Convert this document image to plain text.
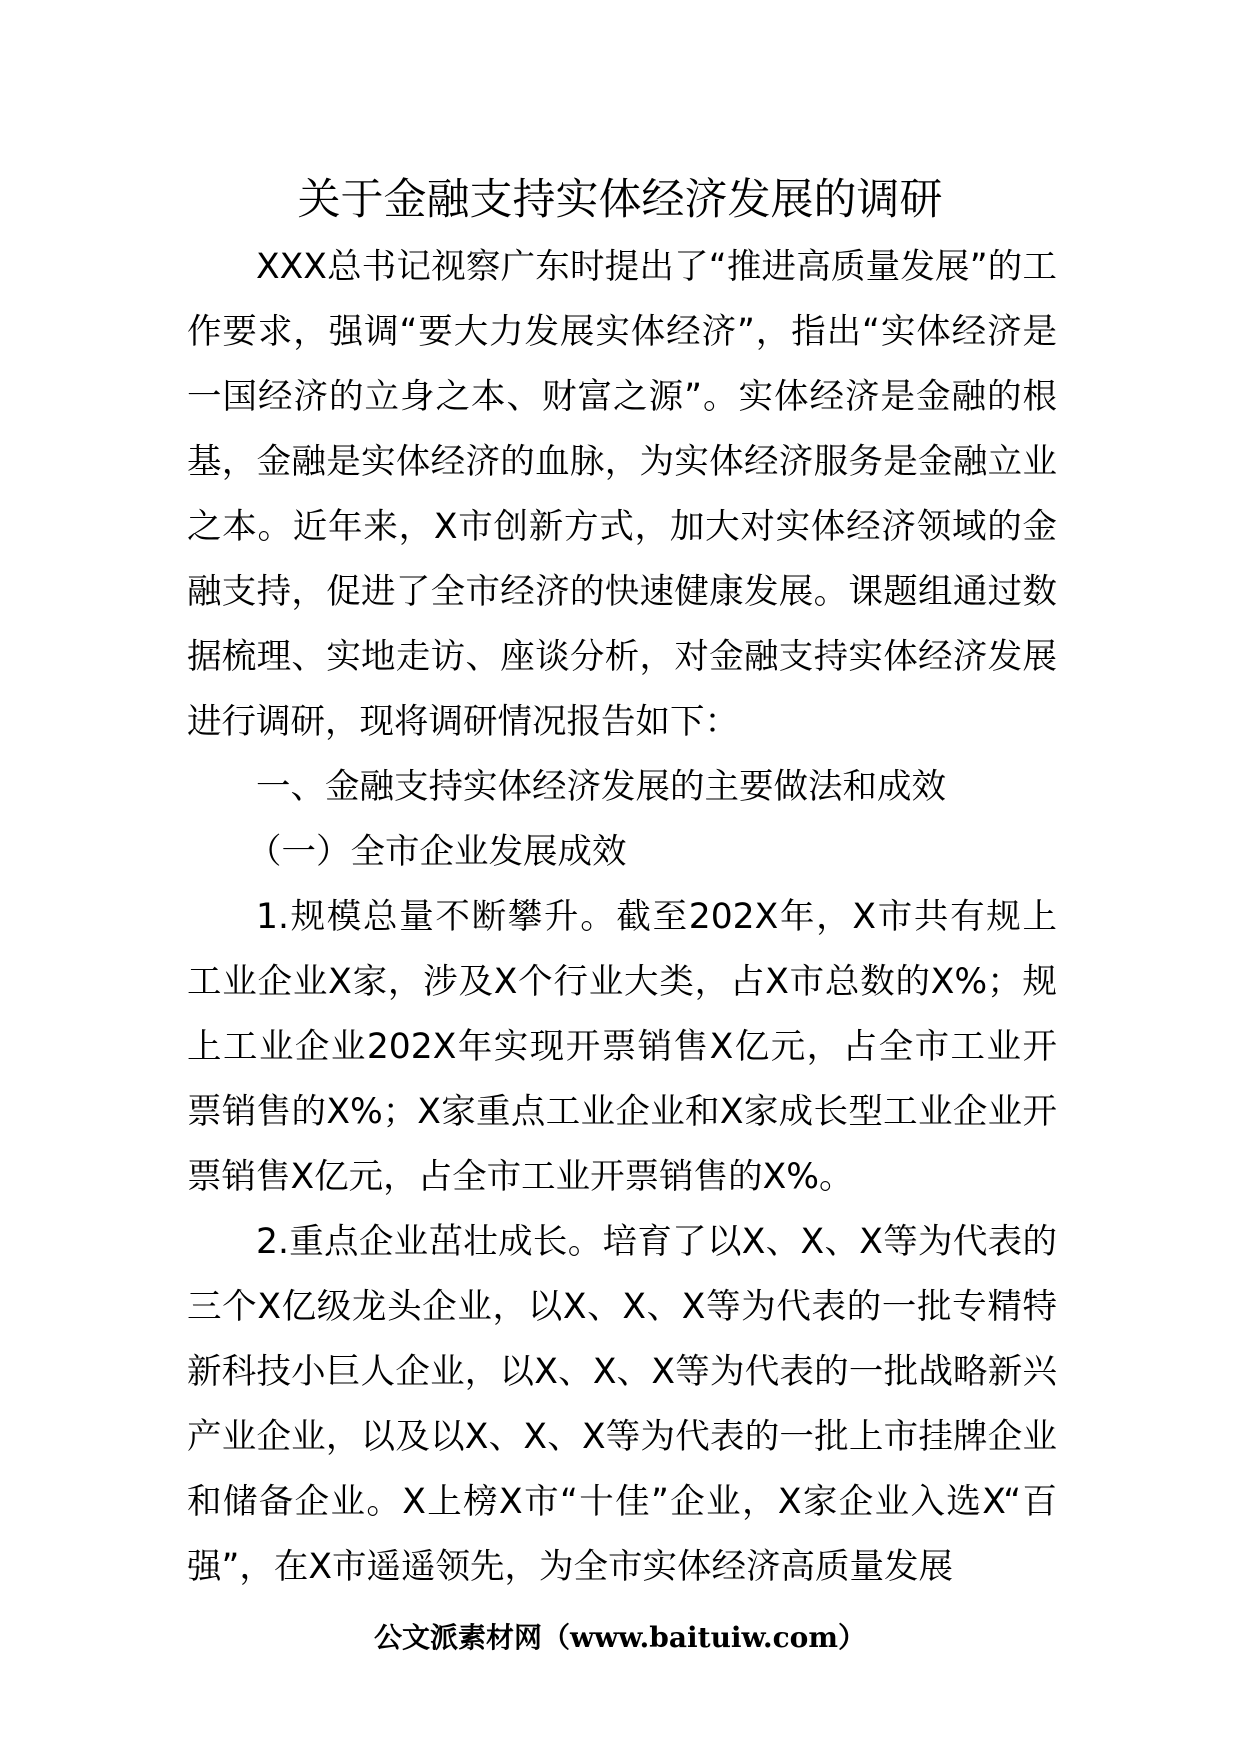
关于金融支持实体经济发展的调研

XXX总书记视察广东时提出了“推进高质量发展”的工作要求，强调“要大力发展实体经济”，指出“实体经济是一国经济的立身之本、财富之源”。实体经济是金融的根基，金融是实体经济的血脉，为实体经济服务是金融立业之本。近年来，X市创新方式，加大对实体经济领域的金融支持，促进了全市经济的快速健康发展。课题组通过数据梳理、实地走访、座谈分析，对金融支持实体经济发展进行调研，现将调研情况报告如下：

一、金融支持实体经济发展的主要做法和成效

（一）全市企业发展成效

1.规模总量不断攀升。截至202X年，X市共有规上工业企业X家，涉及X个行业大类，占X市总数的X%；规上工业企业202X年实现开票销售X亿元，占全市工业开票销售的X%；X家重点工业企业和X家成长型工业企业开票销售X亿元，占全市工业开票销售的X%。

2.重点企业茁壮成长。培育了以X、X、X等为代表的三个X亿级龙头企业，以X、X、X等为代表的一批专精特新科技小巨人企业，以X、X、X等为代表的一批战略新兴产业企业，以及以X、X、X等为代表的一批上市挂牌企业和储备企业。X上榜X市“十佳”企业，X家企业入选X“百强”，在X市遥遥领先，为全市实体经济高质量发展

公文派素材网（www.baituiw.com）
